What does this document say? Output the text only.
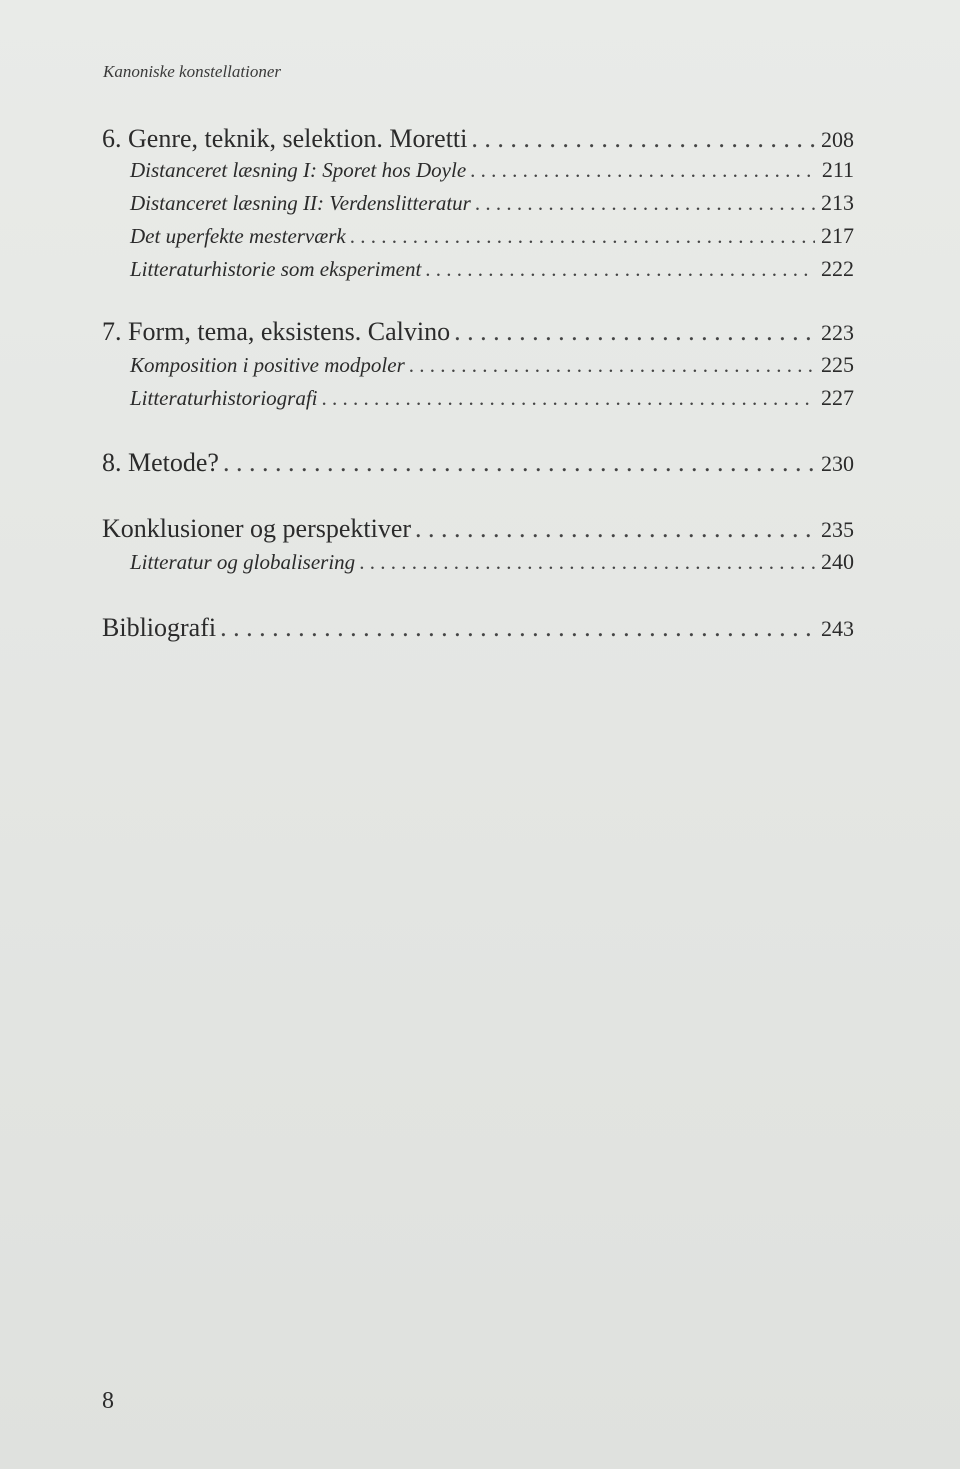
Kanoniske konstellationer
6. Genre, teknik, selektion. Moretti . . .	208
Distanceret læsning I: Sporet hos Doyle . . .	211
Distanceret læsning II: Verdenslitteratur . . .	213
Det uperfekte mesterværk . . .	217
Litteraturhistorie som eksperiment . . .	222
7. Form, tema, eksistens. Calvino . . .	223
Komposition i positive modpoler . . .	225
Litteraturhistoriografi . . .	227
8. Metode? . . .	230
Konklusioner og perspektiver . . .	235
Litteratur og globalisering . . .	240
Bibliografi . . .	243
8
